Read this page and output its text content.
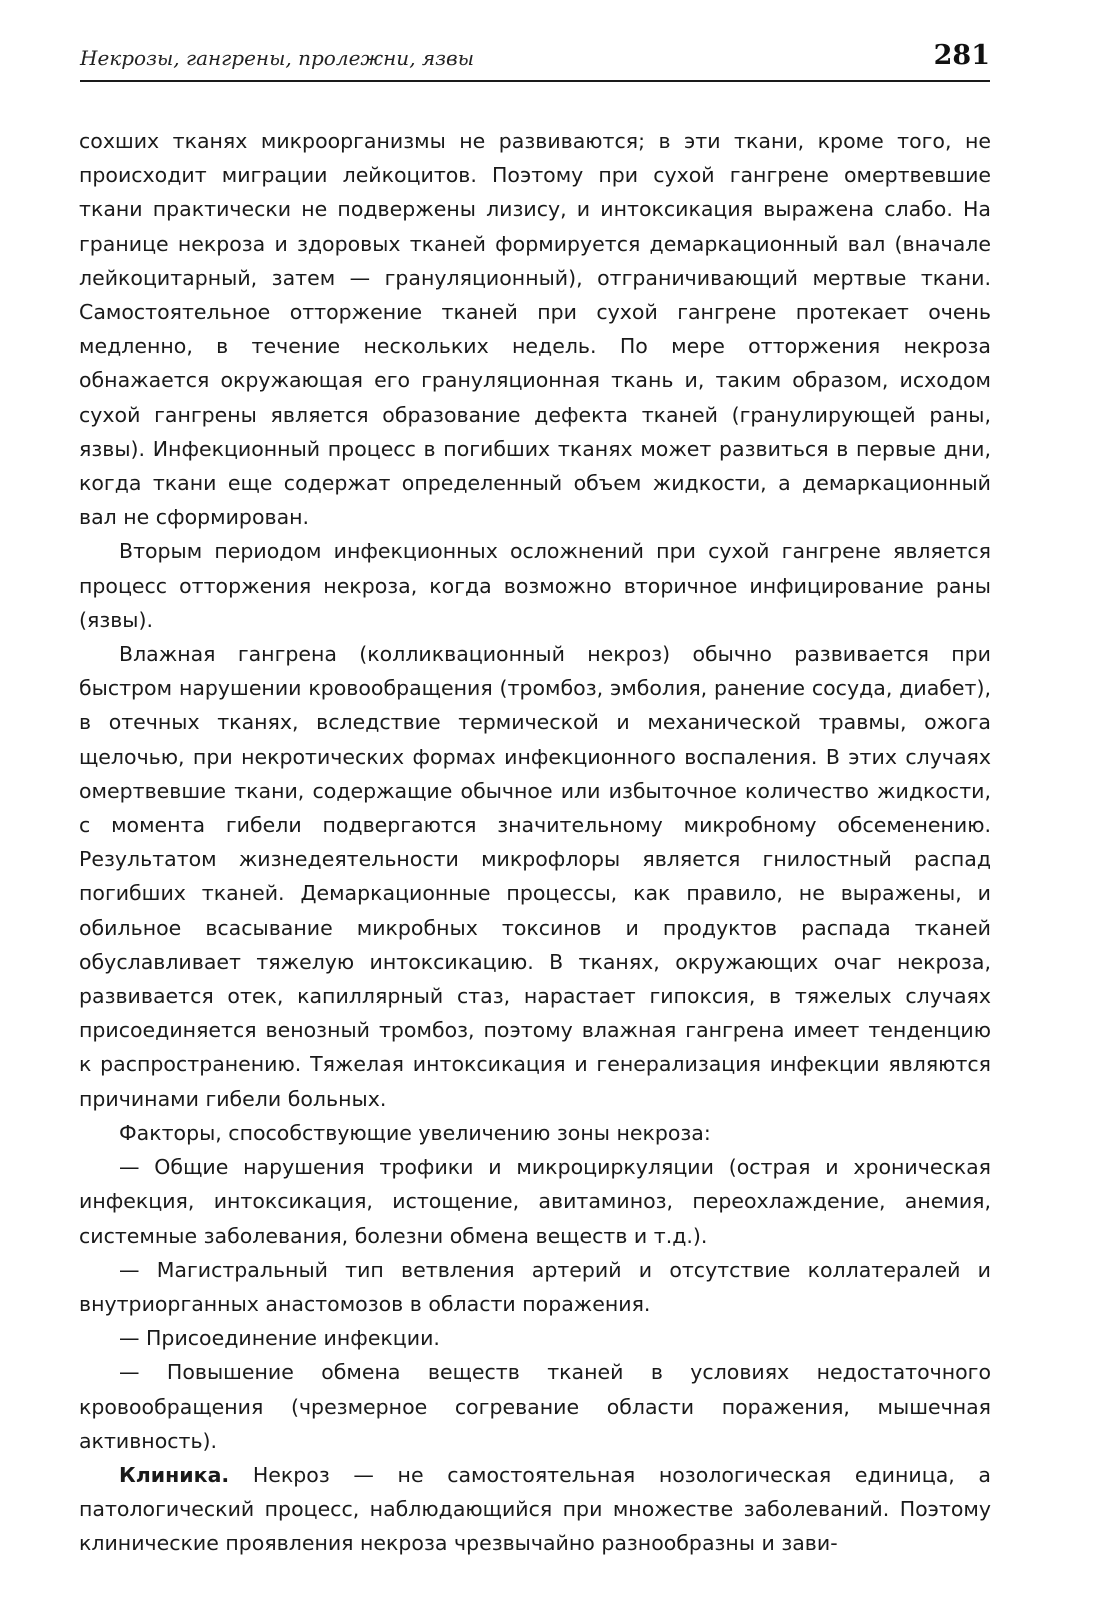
Некрозы, гангрены, пролежни, язвы	281

сохших тканях микроорганизмы не развиваются; в эти ткани, кроме того, не происходит миграции лейкоцитов. Поэтому при сухой гангрене омертвевшие ткани практически не подвержены лизису, и интоксикация выражена слабо. На границе некроза и здоровых тканей формируется демаркационный вал (вначале лейкоцитарный, затем — грануляционный), отграничивающий мертвые ткани. Самостоятельное отторжение тканей при сухой гангрене протекает очень медленно, в течение нескольких недель. По мере отторжения некроза обнажается окружающая его грануляционная ткань и, таким образом, исходом сухой гангрены является образование дефекта тканей (гранулирующей раны, язвы). Инфекционный процесс в погибших тканях может развиться в первые дни, когда ткани еще содержат определенный объем жидкости, а демаркационный вал не сформирован.

Вторым периодом инфекционных осложнений при сухой гангрене является процесс отторжения некроза, когда возможно вторичное инфицирование раны (язвы).

Влажная гангрена (колликвационный некроз) обычно развивается при быстром нарушении кровообращения (тромбоз, эмболия, ранение сосуда, диабет), в отечных тканях, вследствие термической и механической травмы, ожога щелочью, при некротических формах инфекционного воспаления. В этих случаях омертвевшие ткани, содержащие обычное или избыточное количество жидкости, с момента гибели подвергаются значительному микробному обсеменению. Результатом жизнедеятельности микрофлоры является гнилостный распад погибших тканей. Демаркационные процессы, как правило, не выражены, и обильное всасывание микробных токсинов и продуктов распада тканей обуславливает тяжелую интоксикацию. В тканях, окружающих очаг некроза, развивается отек, капиллярный стаз, нарастает гипоксия, в тяжелых случаях присоединяется венозный тромбоз, поэтому влажная гангрена имеет тенденцию к распространению. Тяжелая интоксикация и генерализация инфекции являются причинами гибели больных.

Факторы, способствующие увеличению зоны некроза:

— Общие нарушения трофики и микроциркуляции (острая и хроническая инфекция, интоксикация, истощение, авитаминоз, переохлаждение, анемия, системные заболевания, болезни обмена веществ и т.д.).

— Магистральный тип ветвления артерий и отсутствие коллатералей и внутриорганных анастомозов в области поражения.

— Присоединение инфекции.

— Повышение обмена веществ тканей в условиях недостаточного кровообращения (чрезмерное согревание области поражения, мышечная активность).

Клиника. Некроз — не самостоятельная нозологическая единица, а патологический процесс, наблюдающийся при множестве заболеваний. Поэтому клинические проявления некроза чрезвычайно разнообразны и зави-
